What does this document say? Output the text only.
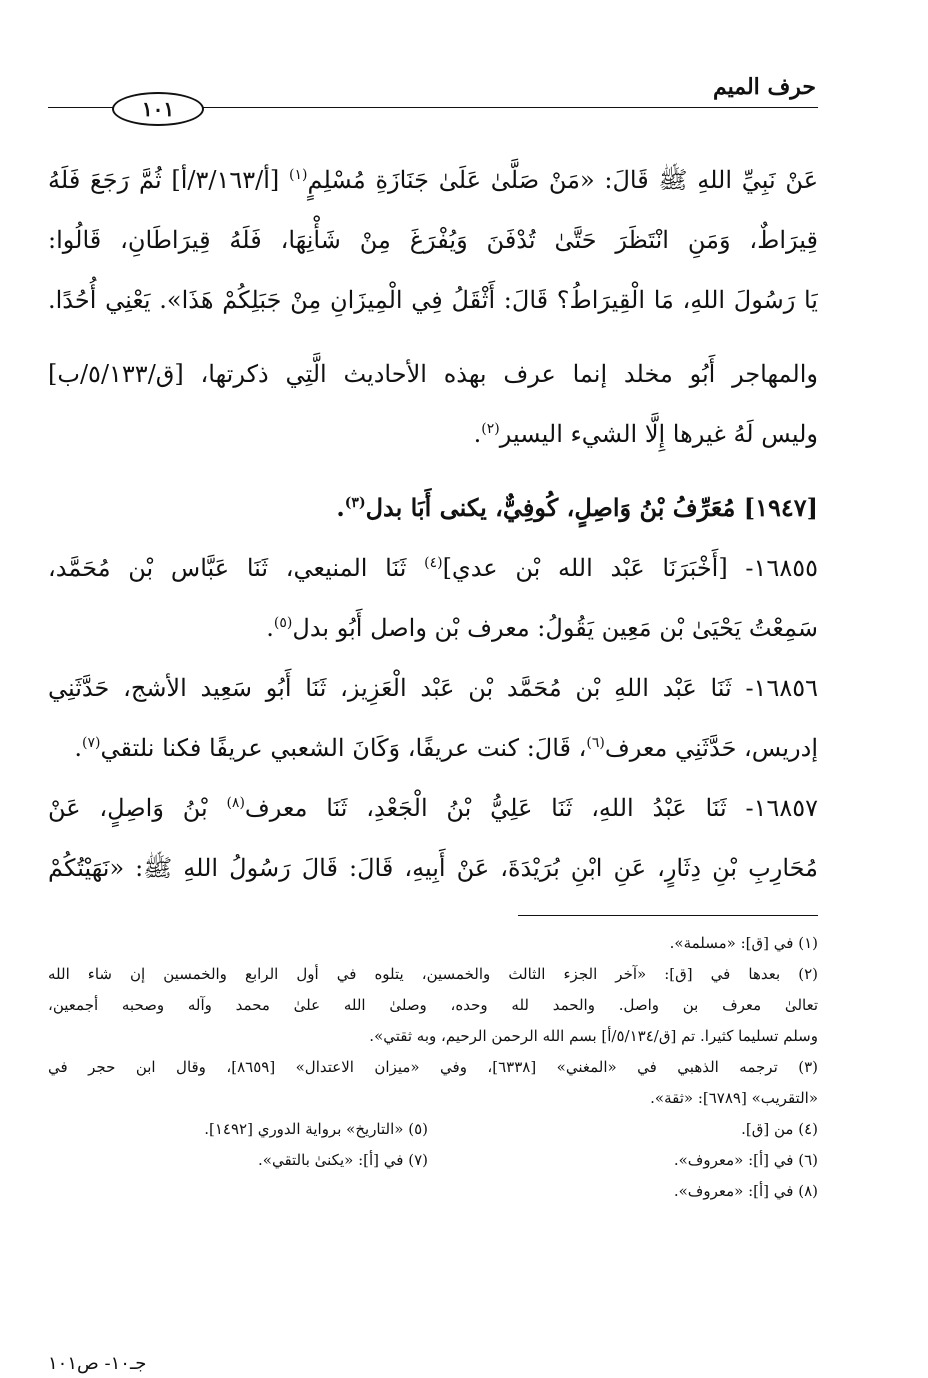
حرف الميم
١٠١
عَنْ نَبِيِّ اللهِ ﷺ قَالَ: «مَنْ صَلَّىٰ عَلَىٰ جَنَازَةِ مُسْلِمٍ$^{(١)}$ [أ/٣/١٦٣/أ] ثُمَّ رَجَعَ فَلَهُ
قِيرَاطٌ، وَمَنِ انْتَظَرَ حَتَّىٰ تُدْفَنَ وَيُفْرَغَ مِنْ شَأْنِهَا، فَلَهُ قِيرَاطَانِ، قَالُوا:
يَا رَسُولَ اللهِ، مَا الْقِيرَاطُ؟ قَالَ: أَثْقَلُ فِي الْمِيزَانِ مِنْ جَبَلِكُمْ هَذَا». يَعْنِي أُحُدًا.
والمهاجر أَبُو مخلد إنما عرف بهذه الأحاديث الَّتِي ذكرتها، [ق/٥/١٣٣/ب]
وليس لَهُ غيرها إِلَّا الشيء اليسير$^{(٢)}$.
[١٩٤٧] مُعَرِّفُ بْنُ وَاصِلٍ، كُوفِيٌّ، يكنى أَبَا بدل$^{(٣)}$.
١٦٨٥٥- [أَخْبَرَنَا عَبْد الله بْن عدي]$^{(٤)}$ ثَنَا المنيعي، ثَنَا عَبَّاس بْن مُحَمَّد،
سَمِعْتُ يَحْيَىٰ بْن مَعِين يَقُولُ: معرف بْن واصل أَبُو بدل$^{(٥)}$.
١٦٨٥٦- ثَنَا عَبْد اللهِ بْن مُحَمَّد بْن عَبْد الْعَزِيز، ثَنَا أَبُو سَعِيد الأشج، حَدَّثَنِي
إدريس، حَدَّثَنِي معرف$^{(٦)}$، قَالَ: كنت عريفًا، وَكَانَ الشعبي عريفًا فكنا نلتقي$^{(٧)}$.
١٦٨٥٧- ثَنَا عَبْدُ اللهِ، ثَنَا عَلِيُّ بْنُ الْجَعْدِ، ثَنَا معرف$^{(٨)}$ بْنُ وَاصِلٍ، عَنْ
مُحَارِبِ بْنِ دِثَارٍ، عَنِ ابْنِ بُرَيْدَةَ، عَنْ أَبِيهِ، قَالَ: قَالَ رَسُولُ اللهِ ﷺ: «نَهَيْتُكُمْ
(١) في [ق]: «مسلمة».
(٢) بعدها في [ق]: «آخر الجزء الثالث والخمسين، يتلوه في أول الرابع والخمسين إن شاء الله
تعالىٰ معرف بن واصل. والحمد لله وحده، وصلىٰ الله علىٰ محمد وآله وصحبه أجمعين،
وسلم تسليما كثيرا. تم [ق/٥/١٣٤/أ] بسم الله الرحمن الرحيم، وبه ثقتي».
(٣) ترجمه الذهبي في «المغني» [٦٣٣٨]، وفي «ميزان الاعتدال» [٨٦٥٩]، وقال ابن حجر في
«التقريب» [٦٧٨٩]: «ثقة».
(٤) من [ق].
(٥) «التاريخ» برواية الدوري [١٤٩٢].
(٦) في [أ]: «معروف».
(٧) في [أ]: «يكنىٰ بالتقي».
(٨) في [أ]: «معروف».
جـ١٠- ص١٠١
